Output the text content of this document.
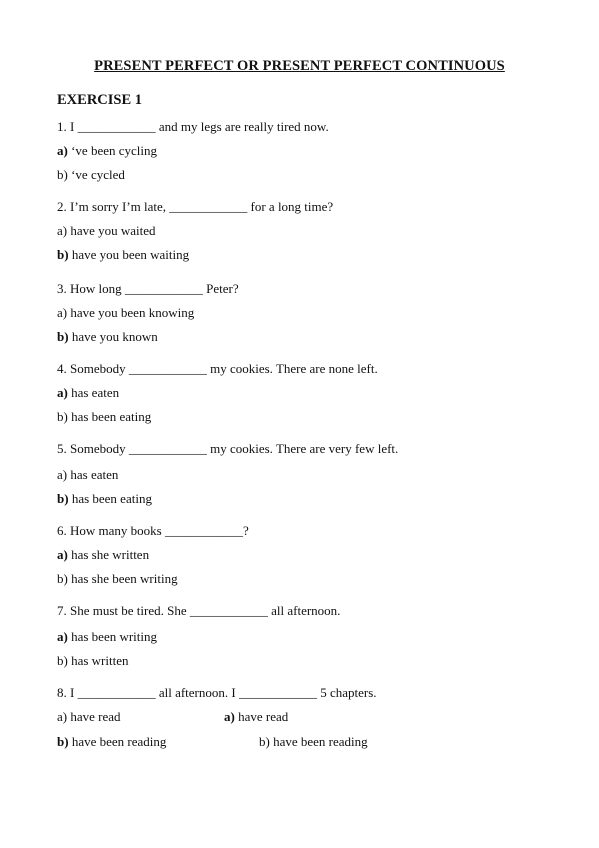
PRESENT PERFECT OR PRESENT PERFECT CONTINUOUS
EXERCISE 1
1. I ____________ and my legs are really tired now.
a) ‘ve been cycling
b) ‘ve cycled
2. I’m sorry I’m late, ____________ for a long time?
a) have you waited
b) have you been waiting
3. How long ____________ Peter?
a) have you been knowing
b) have you known
4. Somebody ____________ my cookies. There are none left.
a) has eaten
b) has been eating
5. Somebody ____________ my cookies. There are very few left.
a) has eaten
b) has been eating
6. How many books ____________?
a) has she written
b) has she been writing
7. She must be tired. She ____________ all afternoon.
a) has been writing
b) has written
8. I ____________ all afternoon. I ____________ 5 chapters.
a) have read	a) have read
b) have been reading	b) have been reading
